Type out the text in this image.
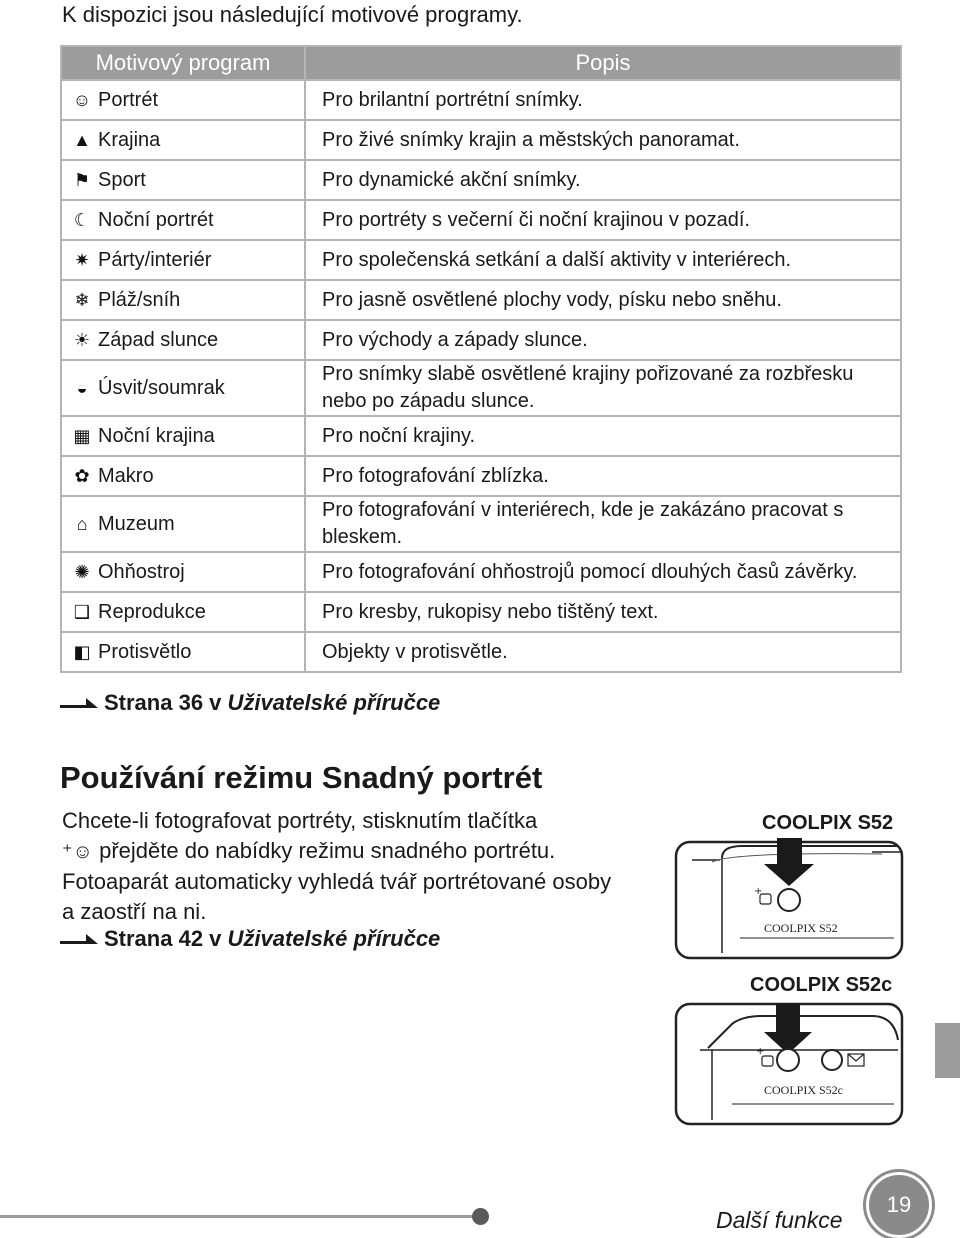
K dispozici jsou následující motivové programy.
Motivový program	Popis
☺ Portrét	Pro brilantní portrétní snímky.
▲ Krajina	Pro živé snímky krajin a městských panoramat.
⚑ Sport	Pro dynamické akční snímky.
☾ Noční portrét	Pro portréty s večerní či noční krajinou v pozadí.
✷ Párty/interiér	Pro společenská setkání a další aktivity v interiérech.
❄ Pláž/sníh	Pro jasně osvětlené plochy vody, písku nebo sněhu.
☀ Západ slunce	Pro východy a západy slunce.
◒ Úsvit/soumrak	Pro snímky slabě osvětlené krajiny pořizované za rozbřesku nebo po západu slunce.
▦ Noční krajina	Pro noční krajiny.
✿ Makro	Pro fotografování zblízka.
⌂ Muzeum	Pro fotografování v interiérech, kde je zakázáno pracovat s bleskem.
✺ Ohňostroj	Pro fotografování ohňostrojů pomocí dlouhých časů závěrky.
❑ Reprodukce	Pro kresby, rukopisy nebo tištěný text.
◧ Protisvětlo	Objekty v protisvětle.
Strana 36 v Uživatelské příručce
Používání režimu Snadný portrét
Chcete-li fotografovat portréty, stisknutím tlačítka
⁺☺ přejděte do nabídky režimu snadného portrétu. Fotoaparát automaticky vyhledá tvář portrétované osoby a zaostří na ni.
Strana 42 v Uživatelské příručce
COOLPIX S52
+
COOLPIX S52
COOLPIX S52c
+
COOLPIX S52c
Další funkce
19
